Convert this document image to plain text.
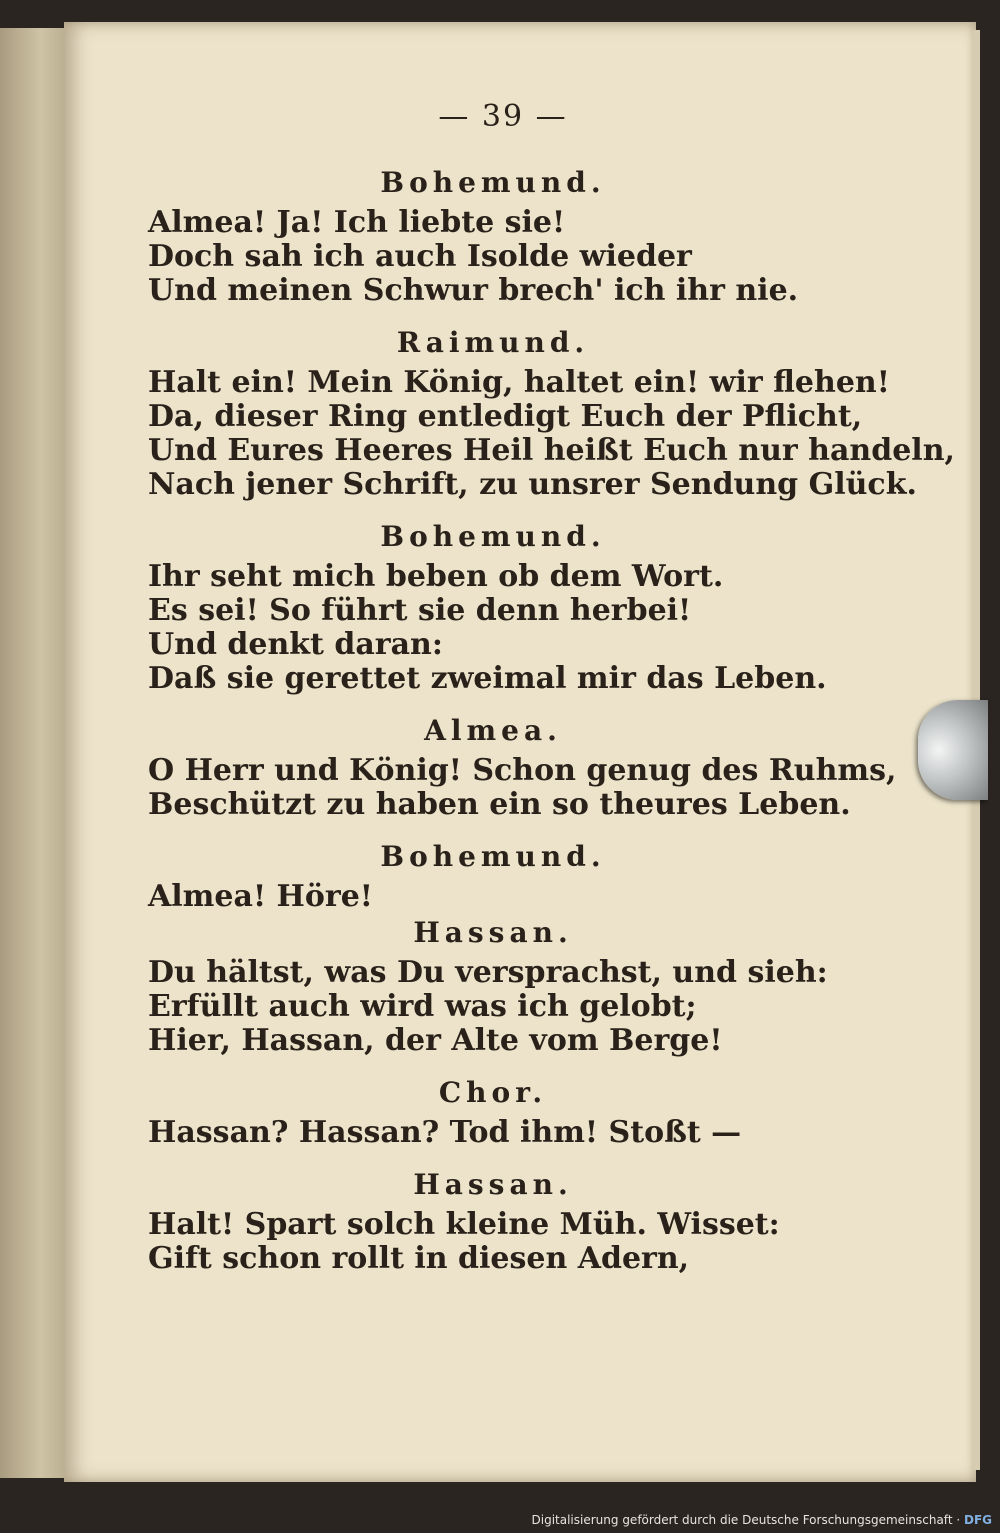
— 39 —
Bohemund.
Almea! Ja! Ich liebte sie!
Doch sah ich auch Isolde wieder
Und meinen Schwur brech' ich ihr nie.
Raimund.
Halt ein! Mein König, haltet ein! wir flehen!
Da, dieser Ring entledigt Euch der Pflicht,
Und Eures Heeres Heil heißt Euch nur handeln,
Nach jener Schrift, zu unsrer Sendung Glück.
Bohemund.
Ihr seht mich beben ob dem Wort.
Es sei! So führt sie denn herbei!
Und denkt daran:
Daß sie gerettet zweimal mir das Leben.
Almea.
O Herr und König! Schon genug des Ruhms,
Beschützt zu haben ein so theures Leben.
Bohemund.
Almea! Höre!
Hassan.
Du hältst, was Du versprachst, und sieh:
Erfüllt auch wird was ich gelobt;
Hier, Hassan, der Alte vom Berge!
Chor.
Hassan? Hassan? Tod ihm! Stoßt —
Hassan.
Halt! Spart solch kleine Müh. Wisset:
Gift schon rollt in diesen Adern,
Digitalisierung gefördert durch die Deutsche Forschungsgemeinschaft · DFG
